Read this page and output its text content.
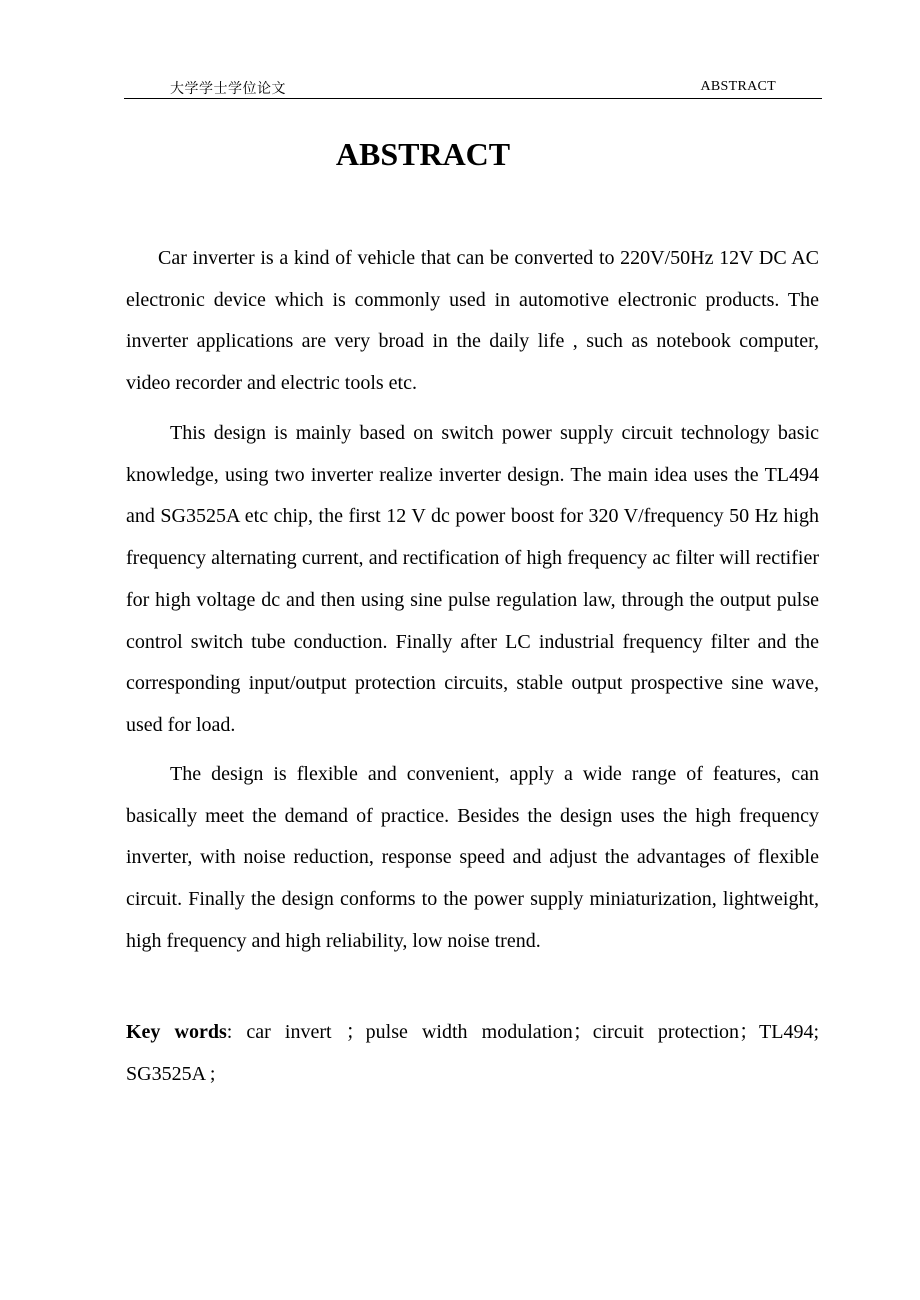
大学学士学位论文	ABSTRACT
ABSTRACT

Car inverter is a kind of vehicle that can be converted to 220V/50Hz 12V DC AC electronic device which is commonly used in automotive electronic products. The inverter applications are very broad in the daily life , such as notebook computer, video recorder and electric tools etc.

This design is mainly based on switch power supply circuit technology basic knowledge, using two inverter realize inverter design. The main idea uses the TL494 and SG3525A etc chip, the first 12 V dc power boost for 320 V/frequency 50 Hz high frequency alternating current, and rectification of high frequency ac filter will rectifier for high voltage dc and then using sine pulse regulation law, through the output pulse control switch tube conduction. Finally after LC industrial frequency filter and the corresponding input/output protection circuits, stable output prospective sine wave, used for load.

The design is flexible and convenient, apply a wide range of features, can basically meet the demand of practice. Besides the design uses the high frequency inverter, with noise reduction, response speed and adjust the advantages of flexible circuit. Finally the design conforms to the power supply miniaturization, lightweight, high frequency and high reliability, low noise trend.

Key words: car invert ；pulse width modulation；circuit protection；TL494; SG3525A ;
